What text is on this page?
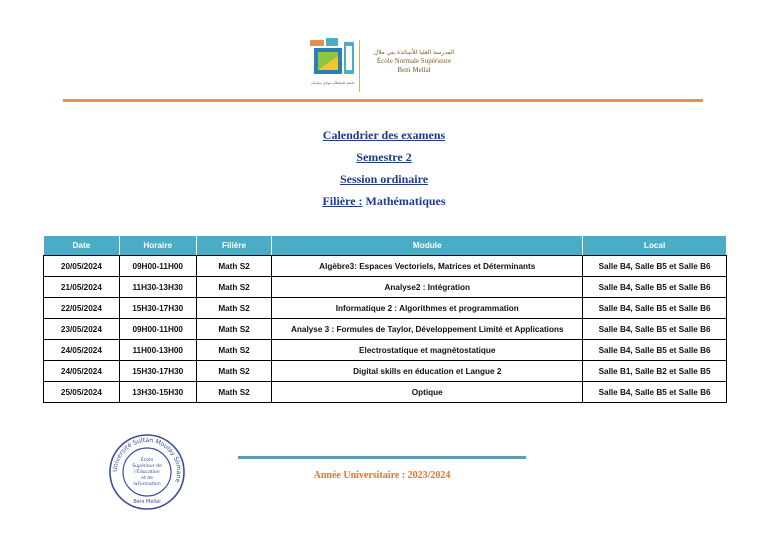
جامعة السلطان مولاي سليمان
المدرسة العليا للأساتذة بني ملال
École Normale Supérieure
Beni Mellal
Calendrier des examens
Semestre 2
Session ordinaire
Filière : Mathématiques
Date	Horaire	Filière	Module	Local
20/05/2024	09H00-11H00	Math S2	Algèbre3: Espaces Vectoriels, Matrices et Déterminants	Salle B4, Salle B5 et Salle B6
21/05/2024	11H30-13H30	Math S2	Analyse2 : Intégration	Salle B4, Salle B5 et Salle B6
22/05/2024	15H30-17H30	Math S2	Informatique 2 : Algorithmes et programmation	Salle B4, Salle B5 et Salle B6
23/05/2024	09H00-11H00	Math S2	Analyse 3 : Formules de Taylor, Développement Limité et Applications	Salle B4, Salle B5 et Salle B6
24/05/2024	11H00-13H00	Math S2	Electrostatique et magnétostatique	Salle B4, Salle B5 et Salle B6
24/05/2024	15H30-17H30	Math S2	Digital skills en éducation et Langue 2	Salle B1, Salle B2 et Salle B5
25/05/2024	13H30-15H30	Math S2	Optique	Salle B4, Salle B5 et Salle B6
Université Sultan Moulay Slimane
École
Supérieur de
l'Éducation
et de
laFormation
Béni Mellal
Année Universitaire : 2023/2024
